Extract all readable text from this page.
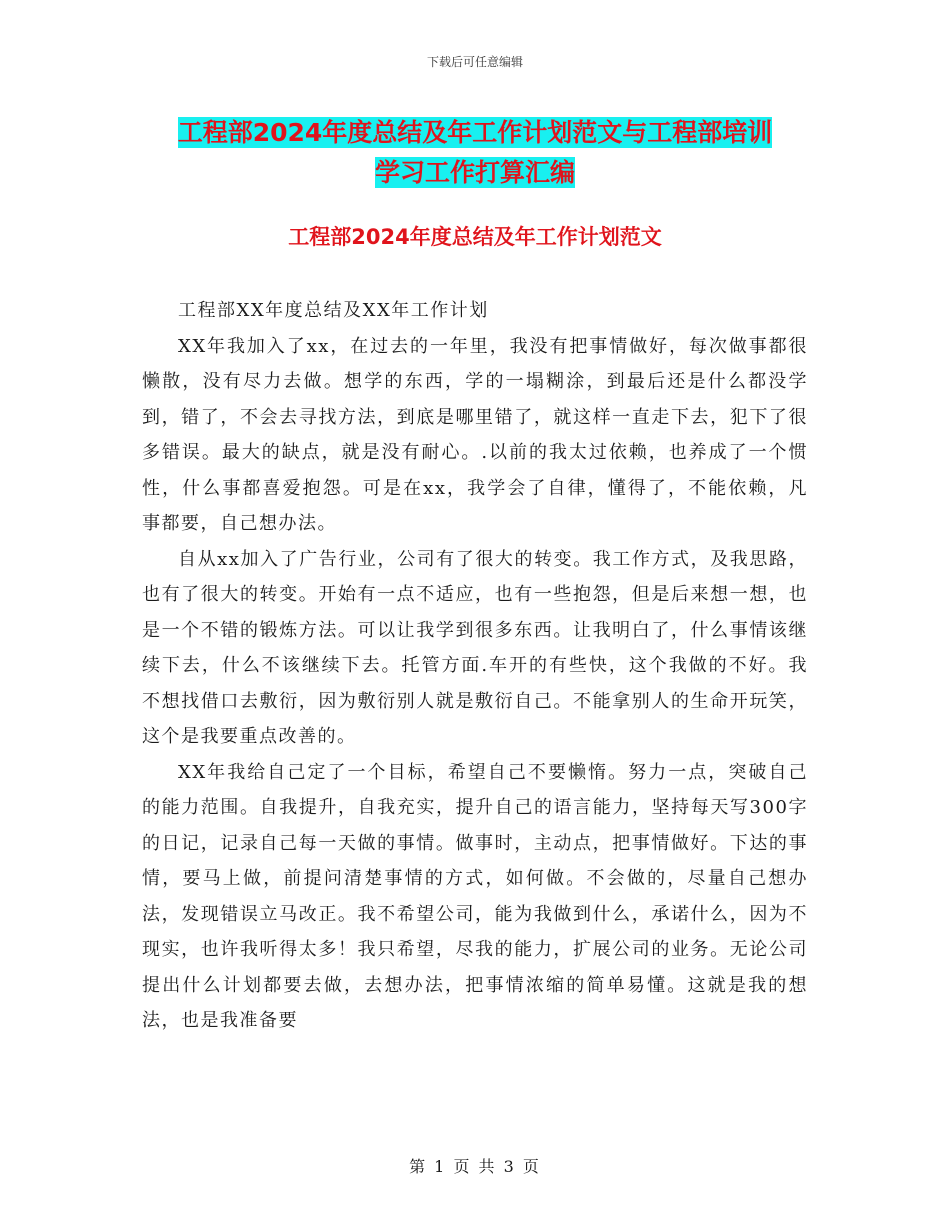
下载后可任意编辑
工程部2024年度总结及年工作计划范文与工程部培训
学习工作打算汇编
工程部2024年度总结及年工作计划范文

工程部XX年度总结及XX年工作计划

XX年我加入了xx，在过去的一年里，我没有把事情做好，每次做事都很懒散，没有尽力去做。想学的东西，学的一塌糊涂，到最后还是什么都没学到，错了，不会去寻找方法，到底是哪里错了，就这样一直走下去，犯下了很多错误。最大的缺点，就是没有耐心。.以前的我太过依赖，也养成了一个惯性，什么事都喜爱抱怨。可是在xx，我学会了自律，懂得了，不能依赖，凡事都要，自己想办法。

自从xx加入了广告行业，公司有了很大的转变。我工作方式，及我思路，也有了很大的转变。开始有一点不适应，也有一些抱怨，但是后来想一想，也是一个不错的锻炼方法。可以让我学到很多东西。让我明白了，什么事情该继续下去，什么不该继续下去。托管方面.车开的有些快，这个我做的不好。我不想找借口去敷衍，因为敷衍别人就是敷衍自己。不能拿别人的生命开玩笑，这个是我要重点改善的。

XX年我给自己定了一个目标，希望自己不要懒惰。努力一点，突破自己的能力范围。自我提升，自我充实，提升自己的语言能力，坚持每天写300字的日记，记录自己每一天做的事情。做事时，主动点，把事情做好。下达的事情，要马上做，前提问清楚事情的方式，如何做。不会做的，尽量自己想办法，发现错误立马改正。我不希望公司，能为我做到什么，承诺什么，因为不现实，也许我听得太多！我只希望，尽我的能力，扩展公司的业务。无论公司提出什么计划都要去做，去想办法，把事情浓缩的简单易懂。这就是我的想法，也是我准备要

第 1 页 共 3 页
